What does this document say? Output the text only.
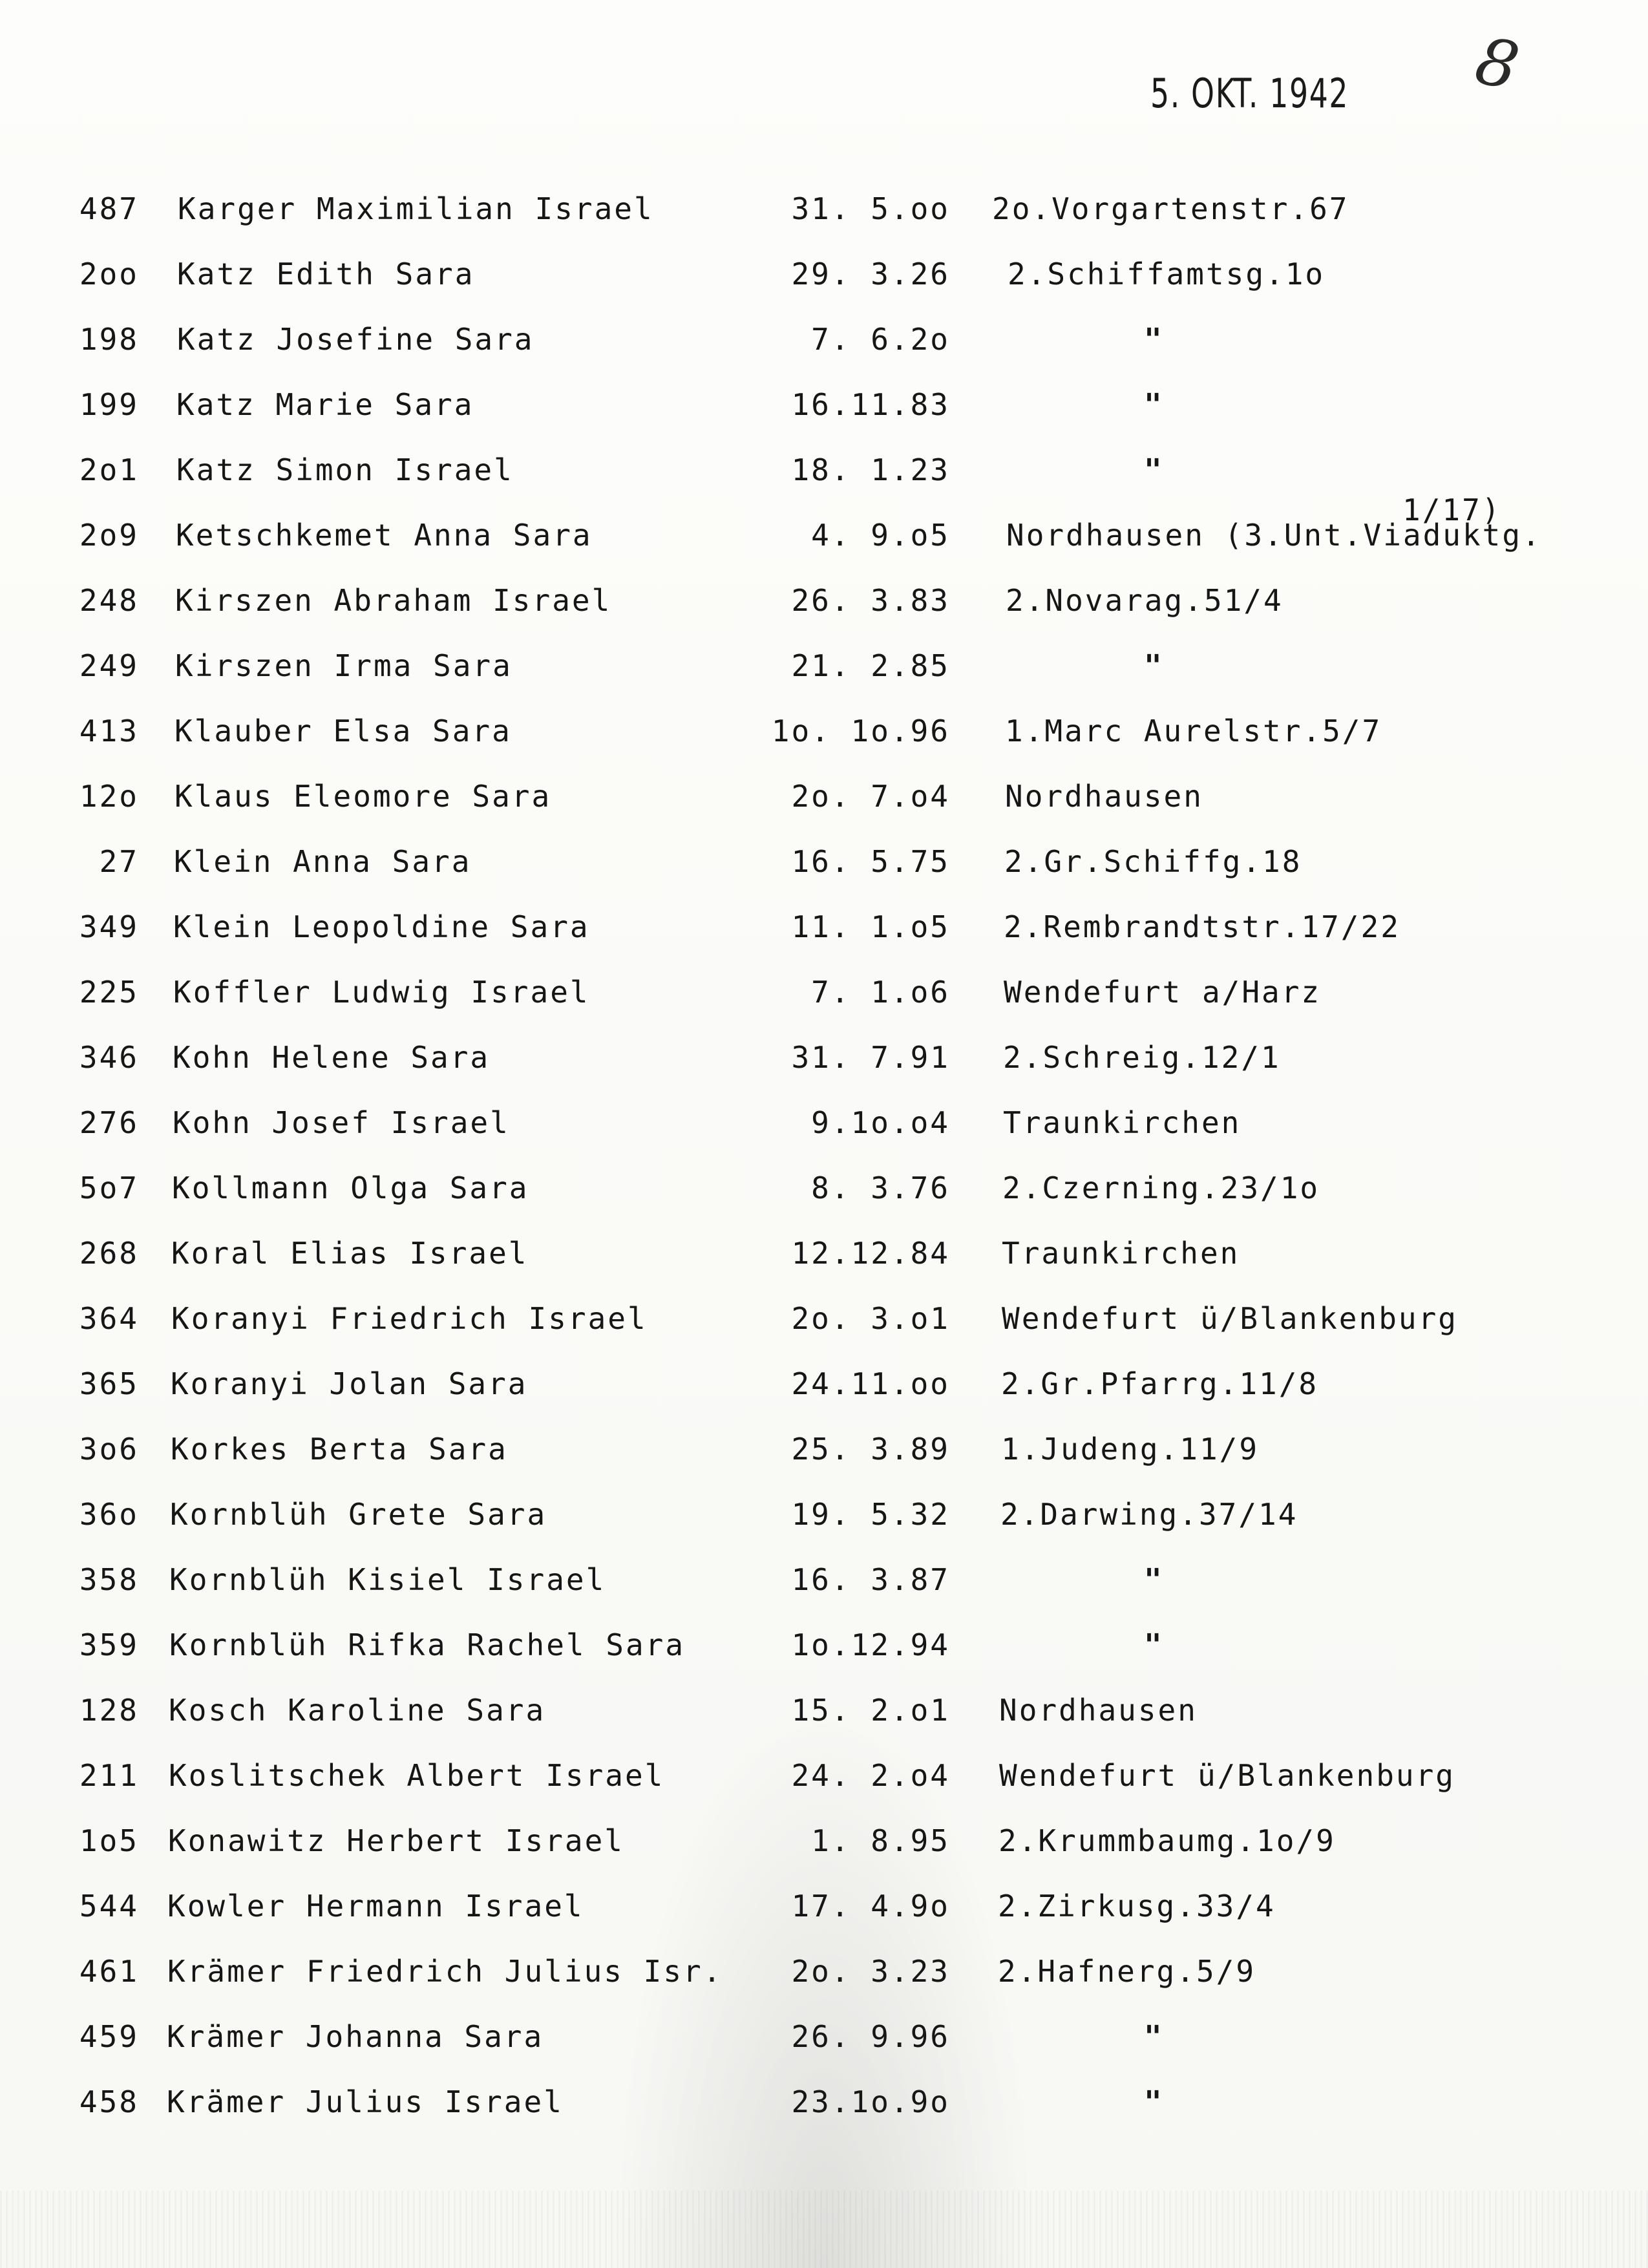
5. OKT. 1942 8
1/17)
487 Karger Maximilian Israel	31. 5.oo 2o.Vorgartenstr.67
2oo Katz Edith Sara	29. 3.26 2.Schiffamtsg.1o
198 Katz Josefine Sara	7. 6.2o	"
199 Katz Marie Sara	16.11.83	"
2o1 Katz Simon Israel	18. 1.23	"
2o9 Ketschkemet Anna Sara	4. 9.o5 Nordhausen (3.Unt.Viaduktg.
248 Kirszen Abraham Israel	26. 3.83 2.Novarag.51/4
249 Kirszen Irma Sara	21. 2.85	"
413 Klauber Elsa Sara	1o. 1o.96 1.Marc Aurelstr.5/7
12o Klaus Eleomore Sara	2o. 7.o4 Nordhausen
27 Klein Anna Sara	16. 5.75 2.Gr.Schiffg.18
349 Klein Leopoldine Sara	11. 1.o5 2.Rembrandtstr.17/22
225 Koffler Ludwig Israel	7. 1.o6 Wendefurt a/Harz
346 Kohn Helene Sara	31. 7.91 2.Schreig.12/1
276 Kohn Josef Israel	9.1o.o4 Traunkirchen
5o7 Kollmann Olga Sara	8. 3.76 2.Czerning.23/1o
268 Koral Elias Israel	12.12.84 Traunkirchen
364 Koranyi Friedrich Israel	2o. 3.o1 Wendefurt ü/Blankenburg
365 Koranyi Jolan Sara	24.11.oo 2.Gr.Pfarrg.11/8
3o6 Korkes Berta Sara	25. 3.89 1.Judeng.11/9
36o Kornblüh Grete Sara	19. 5.32 2.Darwing.37/14
358 Kornblüh Kisiel Israel	16. 3.87	"
359 Kornblüh Rifka Rachel Sara	1o.12.94	"
128 Kosch Karoline Sara	15. 2.o1 Nordhausen
211 Koslitschek Albert Israel	24. 2.o4 Wendefurt ü/Blankenburg
1o5 Konawitz Herbert Israel	1. 8.95 2.Krummbaumg.1o/9
544 Kowler Hermann Israel	17. 4.9o 2.Zirkusg.33/4
461 Krämer Friedrich Julius Isr.	2o. 3.23 2.Hafnerg.5/9
459 Krämer Johanna Sara	26. 9.96	"
458 Krämer Julius Israel	23.1o.9o	"
